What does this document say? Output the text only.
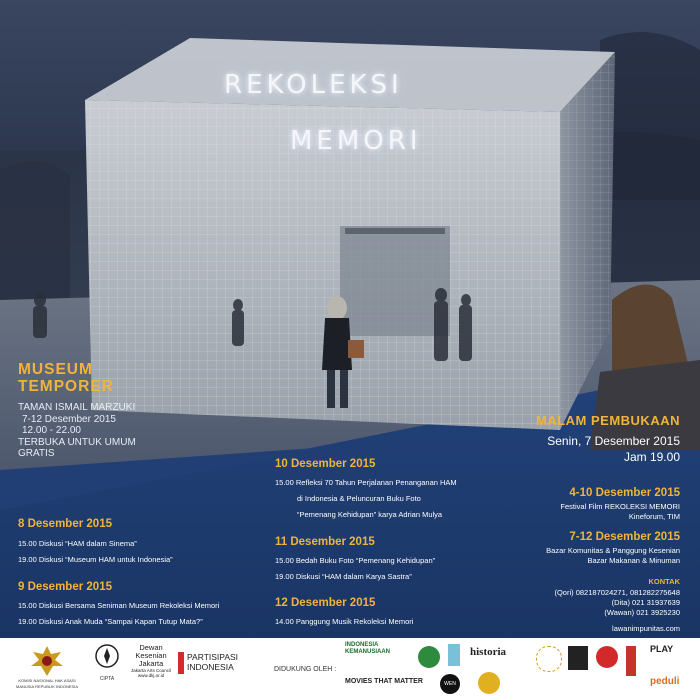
REKOLEKSI
MEMORI
MUSEUM
TEMPORER
TAMAN ISMAIL MARZUKI
7-12 Desember 2015
12.00 - 22.00
TERBUKA UNTUK UMUM
GRATIS
MALAM PEMBUKAAN
Senin, 7 Desember 2015
Jam 19.00
8 Desember 2015
15.00 Diskusi “HAM dalam Sinema”
19.00 Diskusi “Museum HAM untuk Indonesia”
9 Desember 2015
15.00 Diskusi Bersama Seniman Museum Rekoleksi Memori
19.00 Diskusi Anak Muda “Sampai Kapan Tutup Mata?”
10 Desember 2015
15.00 Refleksi 70 Tahun Perjalanan Penanganan HAM
di Indonesia & Peluncuran Buku Foto
“Pemenang Kehidupan” karya Adrian Mulya
11 Desember 2015
15.00 Bedah Buku Foto “Pemenang Kehidupan”
19.00 Diskusi “HAM dalam Karya Sastra”
12 Desember 2015
14.00 Panggung Musik Rekoleksi Memori
4-10 Desember 2015
Festival Film REKOLEKSI MEMORI
Kineforum, TIM
7-12 Desember 2015
Bazar Komunitas & Panggung Kesenian
Bazar Makanan & Minuman
KONTAK
(Qori) 082187024271, 081282275648
(Dita) 021 31937639
(Wawan) 021 3925230
lawanimpunitas.com
KOMISI NASIONAL HAK ASASI MANUSIA REPUBLIK INDONESIA
CIPTA
Dewan
Kesenian
Jakarta
Jakarta Arts Council
www.dkj.or.id
PARTISIPASI
INDONESIA	DIDUKUNG OLEH :
INDONESIA KEMANUSIAAN
MOVIES THAT MATTER	WEN
historia	PLAY
peduli
